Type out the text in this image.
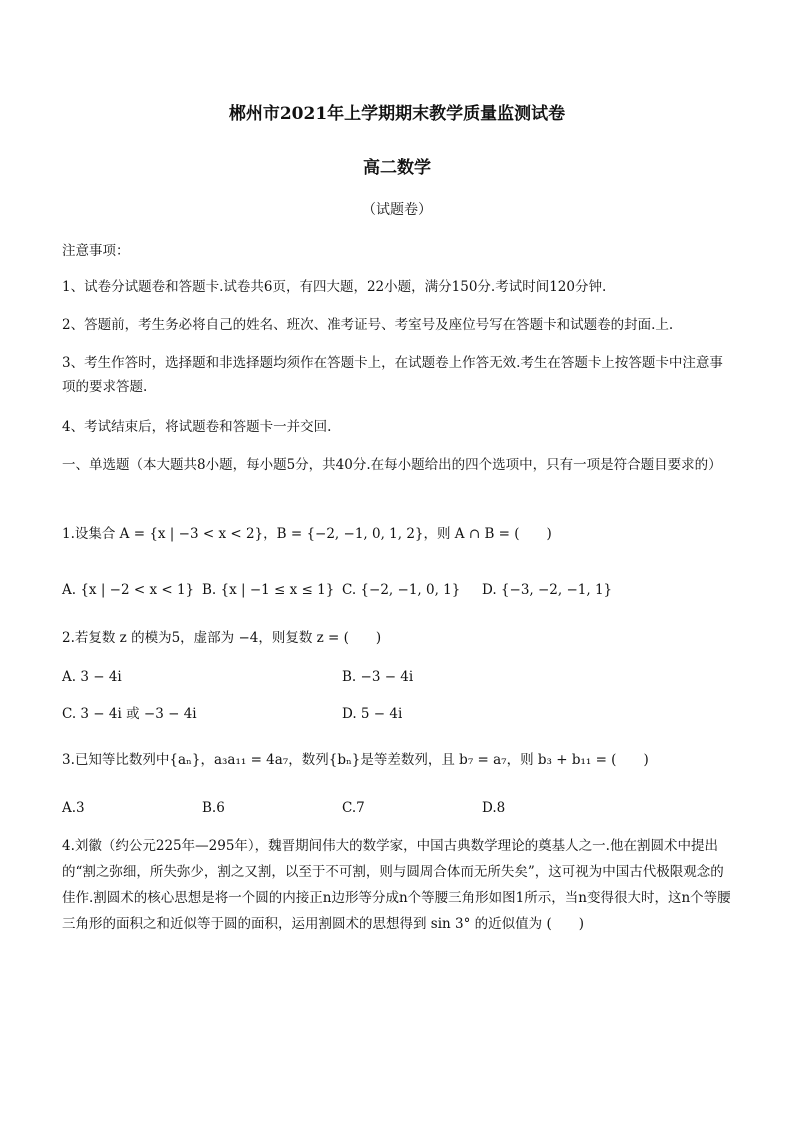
郴州市2021年上学期期末教学质量监测试卷
高二数学
（试题卷）
注意事项：
1、试卷分试题卷和答题卡.试卷共6页，有四大题，22小题，满分150分.考试时间120分钟.
2、答题前，考生务必将自己的姓名、班次、准考证号、考室号及座位号写在答题卡和试题卷的封面.上.
3、考生作答时，选择题和非选择题均须作在答题卡上，在试题卷上作答无效.考生在答题卡上按答题卡中注意事项的要求答题.
4、考试结束后，将试题卷和答题卡一并交回.
一、单选题（本大题共8小题，每小题5分，共40分.在每小题给出的四个选项中，只有一项是符合题目要求的）
1.设集合 A = {x | −3 < x < 2}，B = {−2, −1, 0, 1, 2}，则 A ∩ B = (　　)
A. {x | −2 < x < 1} B. {x | −1 ≤ x ≤ 1} C. {−2, −1, 0, 1} D. {−3, −2, −1, 1}
2.若复数 z 的模为5，虚部为 −4，则复数 z = (　　)
A. 3 − 4i	B. −3 − 4i
C. 3 − 4i 或 −3 − 4i	D. 5 − 4i
3.已知等比数列中{aₙ}，a₃a₁₁ = 4a₇，数列{bₙ}是等差数列，且 b₇ = a₇，则 b₃ + b₁₁ = (　　)
A.3	B.6	C.7	D.8
4.刘徽（约公元225年—295年），魏晋期间伟大的数学家，中国古典数学理论的奠基人之一.他在割圆术中提出的“割之弥细，所失弥少，割之又割，以至于不可割，则与圆周合体而无所失矣”，这可视为中国古代极限观念的佳作.割圆术的核心思想是将一个圆的内接正n边形等分成n个等腰三角形如图1所示，当n变得很大时，这n个等腰三角形的面积之和近似等于圆的面积，运用割圆术的思想得到 sin 3° 的近似值为 (　　)
